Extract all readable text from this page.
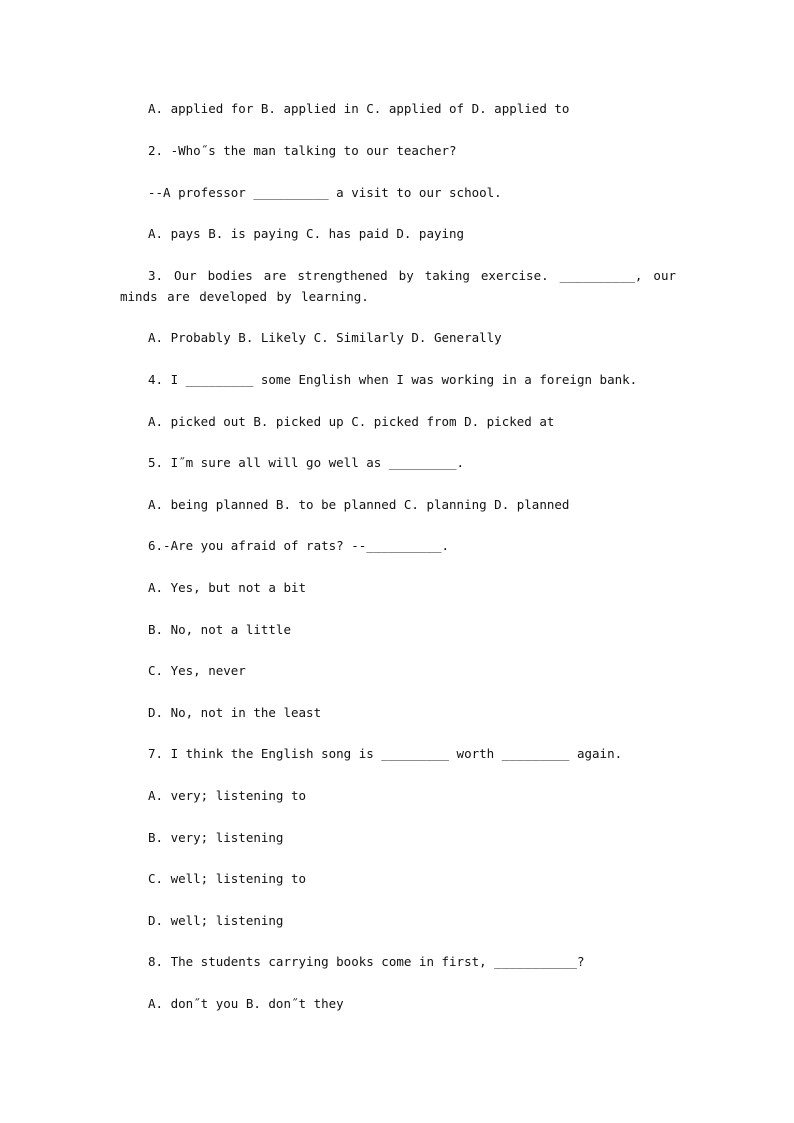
A. applied for B. applied in C. applied of D. applied to
2. -Who˝s the man talking to our teacher?
--A professor __________ a visit to our school.
A. pays B. is paying C. has paid D. paying
3. Our bodies are strengthened by taking exercise. __________, our minds are developed by learning.
A. Probably B. Likely C. Similarly D. Generally
4. I _________ some English when I was working in a foreign bank.
A. picked out B. picked up C. picked from D. picked at
5. I˝m sure all will go well as _________.
A. being planned B. to be planned C. planning D. planned
6.-Are you afraid of rats? --__________.
A. Yes, but not a bit
B. No, not a little
C. Yes, never
D. No, not in the least
7. I think the English song is _________ worth _________ again.
A. very; listening to
B. very; listening
C. well; listening to
D. well; listening
8. The students carrying books come in first, ___________?
A. don˝t you B. don˝t they
